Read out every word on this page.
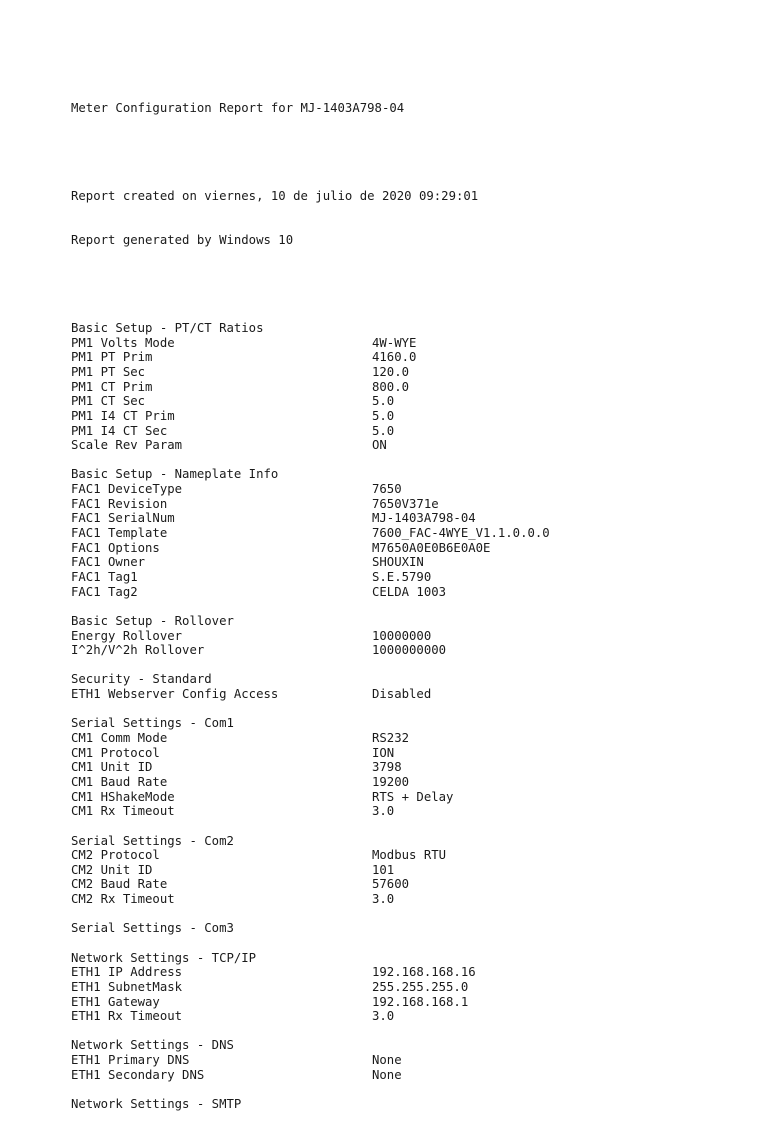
Meter Configuration Report for MJ-1403A798-04

Report created on viernes, 10 de julio de 2020 09:29:01

Report generated by Windows 10

Basic Setup - PT/CT Ratios
PM1 Volts Mode	4W-WYE
PM1 PT Prim	4160.0
PM1 PT Sec	120.0
PM1 CT Prim	800.0
PM1 CT Sec	5.0
PM1 I4 CT Prim	5.0
PM1 I4 CT Sec	5.0
Scale Rev Param	ON
Basic Setup - Nameplate Info
FAC1 DeviceType	7650
FAC1 Revision	7650V371e
FAC1 SerialNum	MJ-1403A798-04
FAC1 Template	7600_FAC-4WYE_V1.1.0.0.0
FAC1 Options	M7650A0E0B6E0A0E
FAC1 Owner	SHOUXIN
FAC1 Tag1	S.E.5790
FAC1 Tag2	CELDA 1003
Basic Setup - Rollover
Energy Rollover	10000000
I^2h/V^2h Rollover	1000000000
Security - Standard
ETH1 Webserver Config Access	Disabled
Serial Settings - Com1
CM1 Comm Mode	RS232
CM1 Protocol	ION
CM1 Unit ID	3798
CM1 Baud Rate	19200
CM1 HShakeMode	RTS + Delay
CM1 Rx Timeout	3.0
Serial Settings - Com2
CM2 Protocol	Modbus RTU
CM2 Unit ID	101
CM2 Baud Rate	57600
CM2 Rx Timeout	3.0
Serial Settings - Com3
Network Settings - TCP/IP
ETH1 IP Address	192.168.168.16
ETH1 SubnetMask	255.255.255.0
ETH1 Gateway	192.168.168.1
ETH1 Rx Timeout	3.0
Network Settings - DNS
ETH1 Primary DNS	None
ETH1 Secondary DNS	None
Network Settings - SMTP
